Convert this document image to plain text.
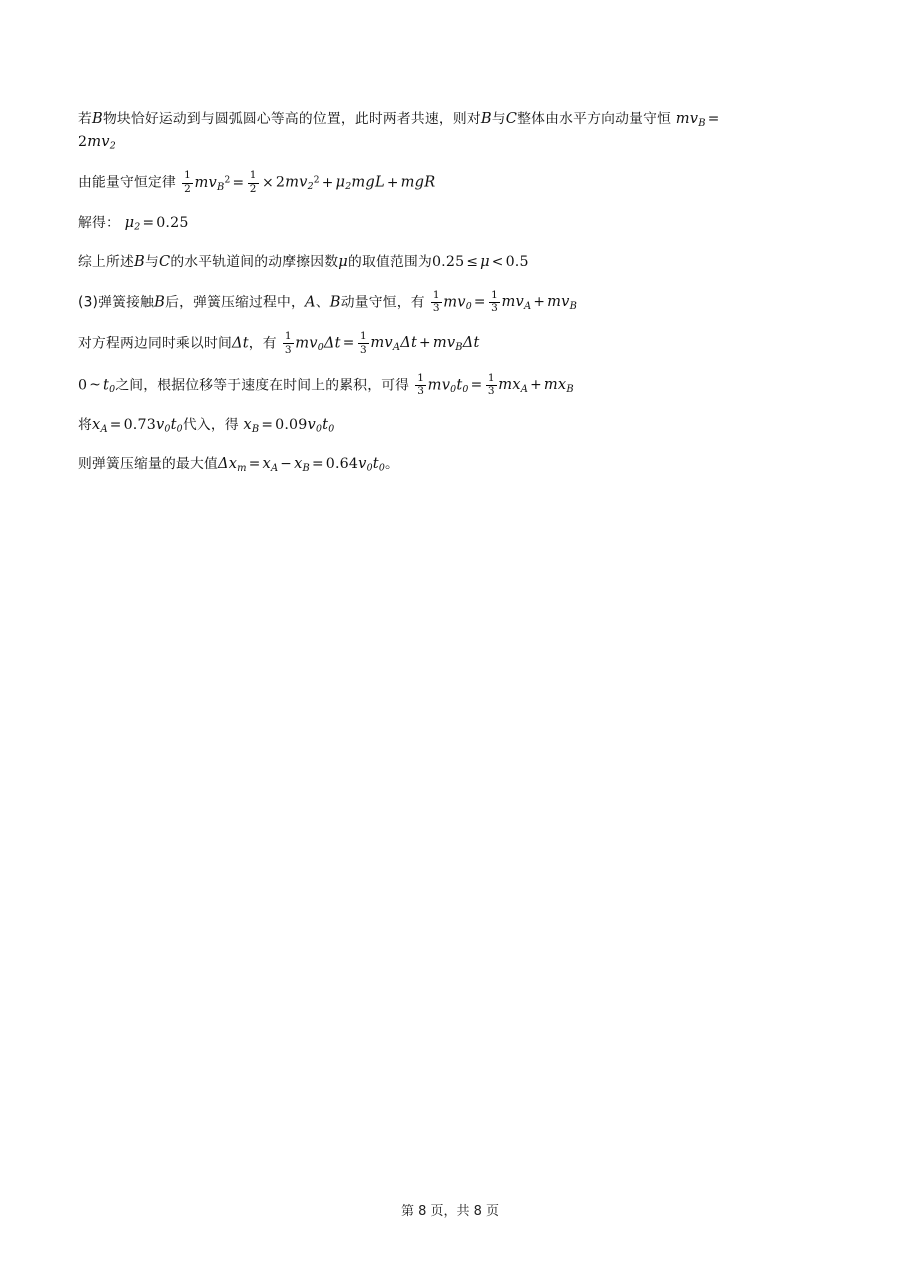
若B物块恰好运动到与圆弧圆心等高的位置，此时两者共速，则对B与C整体由水平方向动量守恒 $mv_B$ =
$2mv_2$

由能量守恒定律 $\frac{1}{2} mv_B^2 = \frac{1}{2} \times 2mv_2^2 + \mu_2mgL$ + mgR

解得： $\mu_2 = 0.25$

综上所述B与C的水平轨道间的动摩擦因数μ的取值范围为0.25 ≤ μ < 0.5

(3)弹簧接触B后，弹簧压缩过程中，A、B动量守恒，有 $\frac{1}{3} mv_0 = \frac{1}{3} mv_A + mv_B$

对方程两边同时乘以时间Δt，有 $\frac{1}{3} mv_0\Delta t = \frac{1}{3} mv_A\Delta t + mv_B\Delta t$

0 ~ $t_0$之间，根据位移等于速度在时间上的累积，可得 $\frac{1}{3} mv_0t_0 = \frac{1}{3} mx_A + mx_B$

将$x_A = 0.73v_0t_0$代入，得 $x_B = 0.09v_0t_0$

则弹簧压缩量的最大值$\Delta x_m = x_A - x_B = 0.64v_0t_0$。

第 8 页，共 8 页
